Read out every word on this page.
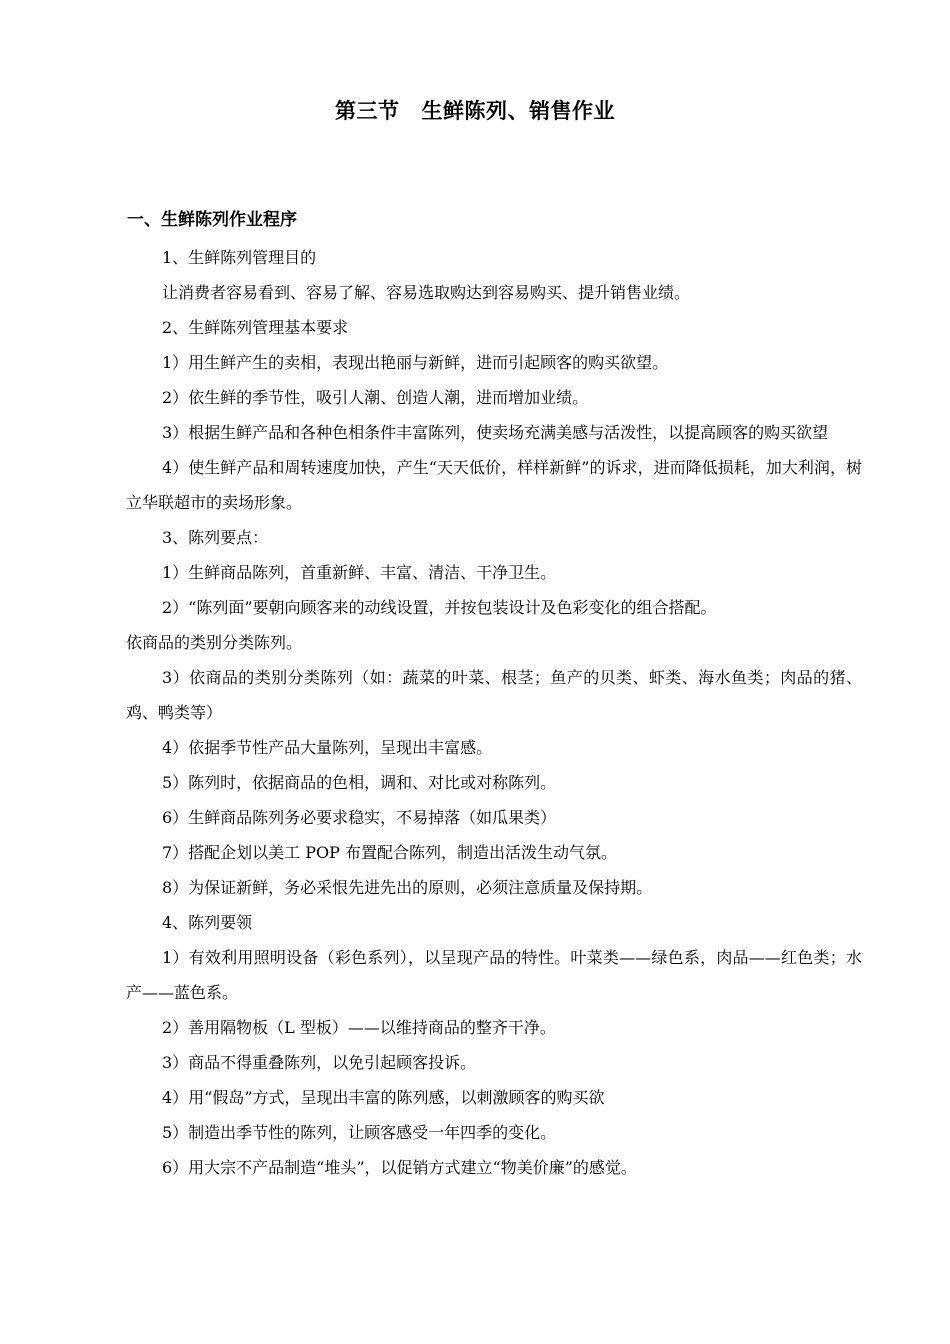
第三节 生鲜陈列、销售作业
一、生鲜陈列作业程序

1、生鲜陈列管理目的

让消费者容易看到、容易了解、容易选取购达到容易购买、提升销售业绩。

2、生鲜陈列管理基本要求

1）用生鲜产生的卖相，表现出艳丽与新鲜，进而引起顾客的购买欲望。

2）依生鲜的季节性，吸引人潮、创造人潮，进而增加业绩。

3）根据生鲜产品和各种色相条件丰富陈列，使卖场充满美感与活泼性，以提高顾客的购买欲望

4）使生鲜产品和周转速度加快，产生“天天低价，样样新鲜”的诉求，进而降低损耗，加大利润，树立华联超市的卖场形象。

3、陈列要点：

1）生鲜商品陈列，首重新鲜、丰富、清洁、干净卫生。

2）“陈列面”要朝向顾客来的动线设置，并按包装设计及色彩变化的组合搭配。

依商品的类别分类陈列。

3）依商品的类别分类陈列（如：蔬菜的叶菜、根茎；鱼产的贝类、虾类、海水鱼类；肉品的猪、鸡、鸭类等）

4）依据季节性产品大量陈列，呈现出丰富感。

5）陈列时，依据商品的色相，调和、对比或对称陈列。

6）生鲜商品陈列务必要求稳实，不易掉落（如瓜果类）

7）搭配企划以美工 POP 布置配合陈列，制造出活泼生动气氛。

8）为保证新鲜，务必采恨先进先出的原则，必须注意质量及保持期。

4、陈列要领

1）有效利用照明设备（彩色系列），以呈现产品的特性。叶菜类——绿色系，肉品——红色类；水产——蓝色系。

2）善用隔物板（L 型板）——以维持商品的整齐干净。

3）商品不得重叠陈列，以免引起顾客投诉。

4）用“假岛”方式，呈现出丰富的陈列感，以刺激顾客的购买欲

5）制造出季节性的陈列，让顾客感受一年四季的变化。

6）用大宗不产品制造“堆头”，以促销方式建立“物美价廉”的感觉。
